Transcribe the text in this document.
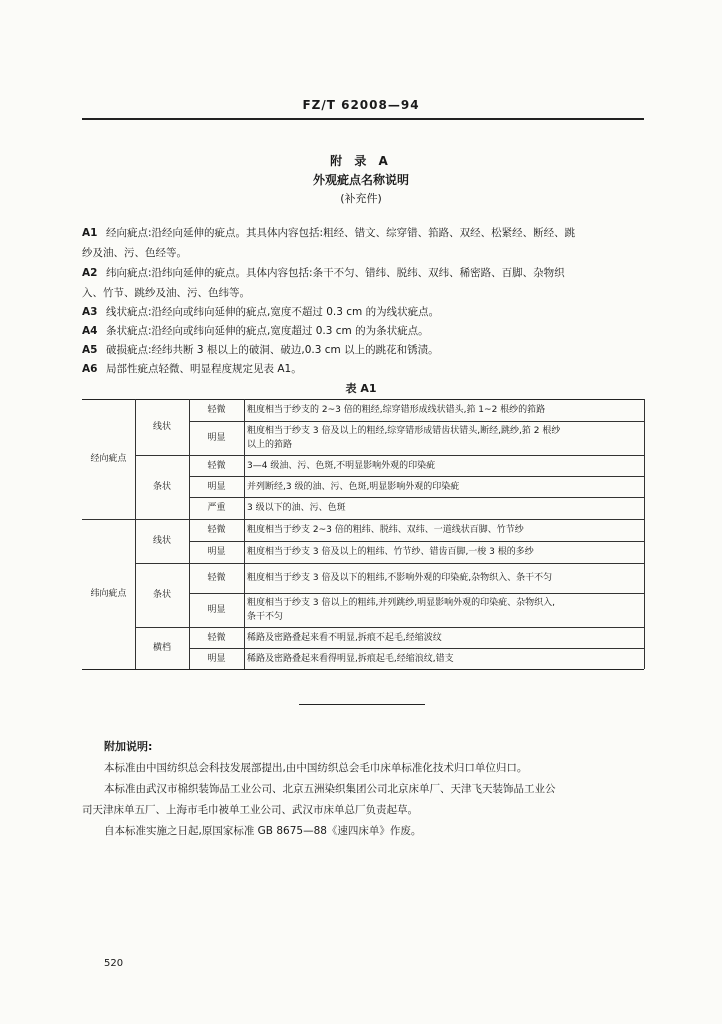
FZ/T 62008—94
附 录 A
外观疵点名称说明
(补充件)
A1 经向疵点:沿经向延伸的疵点。其具体内容包括:粗经、错文、综穿错、筘路、双经、松紧经、断经、跳
纱及油、污、色经等。
A2 纬向疵点:沿纬向延伸的疵点。具体内容包括:条干不匀、错纬、脱纬、双纬、稀密路、百脚、杂物织
入、竹节、跳纱及油、污、色纬等。
A3 线状疵点:沿经向或纬向延伸的疵点,宽度不超过 0.3 cm 的为线状疵点。
A4 条状疵点:沿经向或纬向延伸的疵点,宽度超过 0.3 cm 的为条状疵点。
A5 破损疵点:经纬共断 3 根以上的破洞、破边,0.3 cm 以上的跳花和锈渍。
A6 局部性疵点轻微、明显程度规定见表 A1。
表 A1
经向疵点
纬向疵点
线状
条状
线状
条状
横档
轻微 粗度相当于纱支的 2~3 倍的粗经,综穿错形成线状错头,筘 1~2 根纱的筘路
明显
粗度相当于纱支 3 倍及以上的粗经,综穿错形成错齿状错头,断经,跳纱,筘 2 根纱
以上的筘路
轻微 3—4 级油、污、色斑,不明显影响外观的印染疵
明显 并列断经,3 级的油、污、色斑,明显影响外观的印染疵
严重 3 级以下的油、污、色斑
轻微 粗度相当于纱支 2~3 倍的粗纬、脱纬、双纬、一道线状百脚、竹节纱
明显 粗度相当于纱支 3 倍及以上的粗纬、竹节纱、错齿百脚,一梭 3 根的多纱
轻微 粗度相当于纱支 3 倍及以下的粗纬,不影响外观的印染疵,杂物织入、条干不匀
明显
粗度相当于纱支 3 倍以上的粗纬,并列跳纱,明显影响外观的印染疵、杂物织入,
条干不匀
轻微 稀路及密路叠起来看不明显,拆痕不起毛,经缩波纹
明显 稀路及密路叠起来看得明显,拆痕起毛,经缩浪纹,错支
附加说明:
本标准由中国纺织总会科技发展部提出,由中国纺织总会毛巾床单标准化技术归口单位归口。
本标准由武汉市棉织装饰品工业公司、北京五洲染织集团公司北京床单厂、天津飞天装饰品工业公
司天津床单五厂、上海市毛巾被单工业公司、武汉市床单总厂负责起草。
自本标准实施之日起,原国家标准 GB 8675—88《速四床单》作废。
520
